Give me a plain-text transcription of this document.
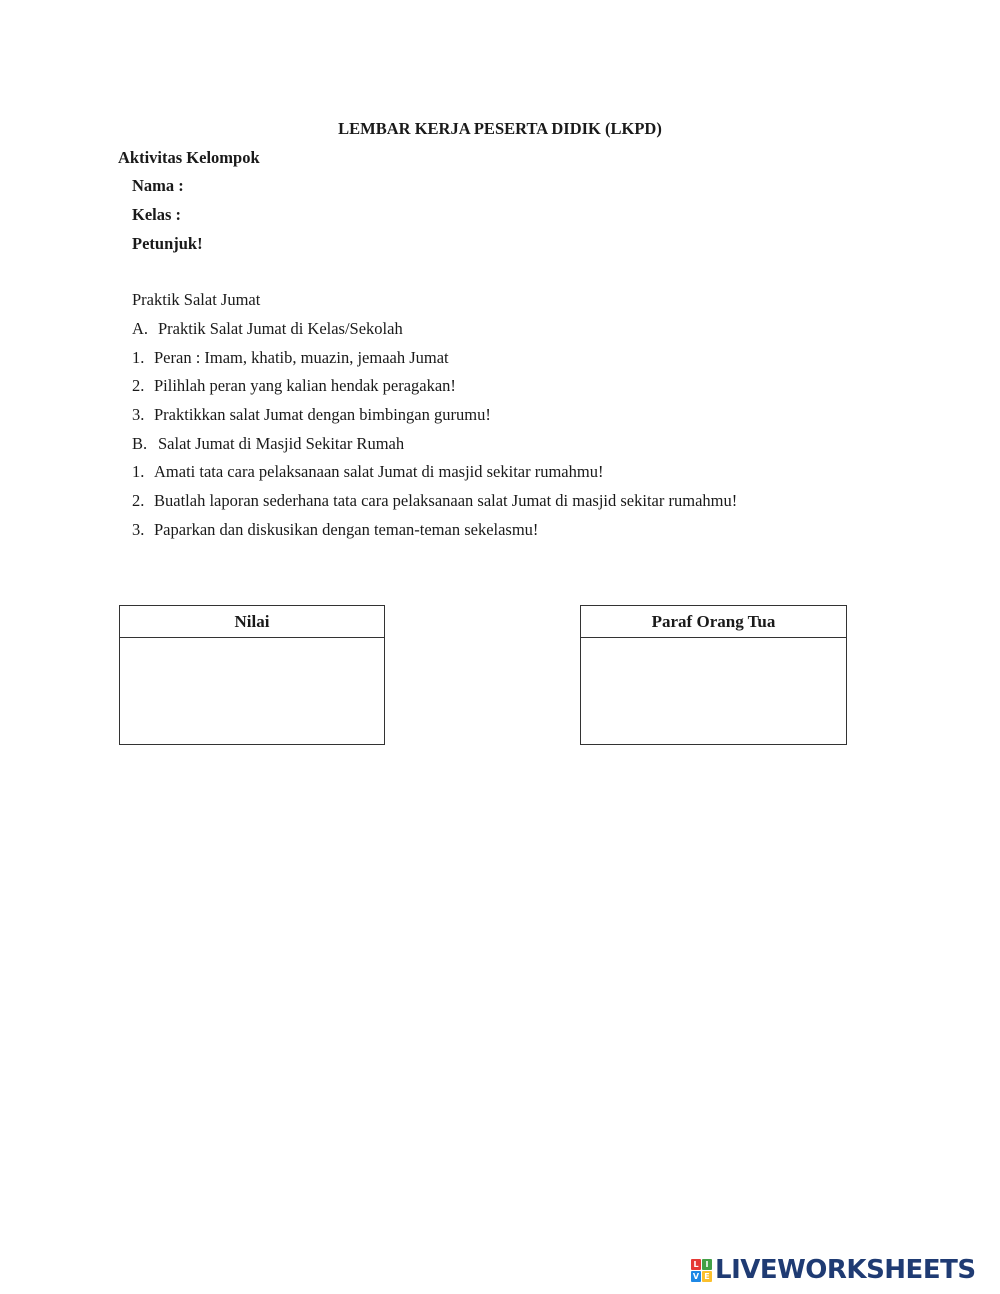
LEMBAR KERJA PESERTA DIDIK (LKPD)
Aktivitas Kelompok
Nama :
Kelas :
Petunjuk!
Praktik Salat Jumat
A. Praktik Salat Jumat di Kelas/Sekolah
1. Peran : Imam, khatib, muazin, jemaah Jumat
2. Pilihlah peran yang kalian hendak peragakan!
3. Praktikkan salat Jumat dengan bimbingan gurumu!
B. Salat Jumat di Masjid Sekitar Rumah
1. Amati tata cara pelaksanaan salat Jumat di masjid sekitar rumahmu!
2. Buatlah laporan sederhana tata cara pelaksanaan salat Jumat di masjid sekitar rumahmu!
3. Paparkan dan diskusikan dengan teman-teman sekelasmu!
Nilai	Paraf Orang Tua
L I
V E LIVEWORKSHEETS
